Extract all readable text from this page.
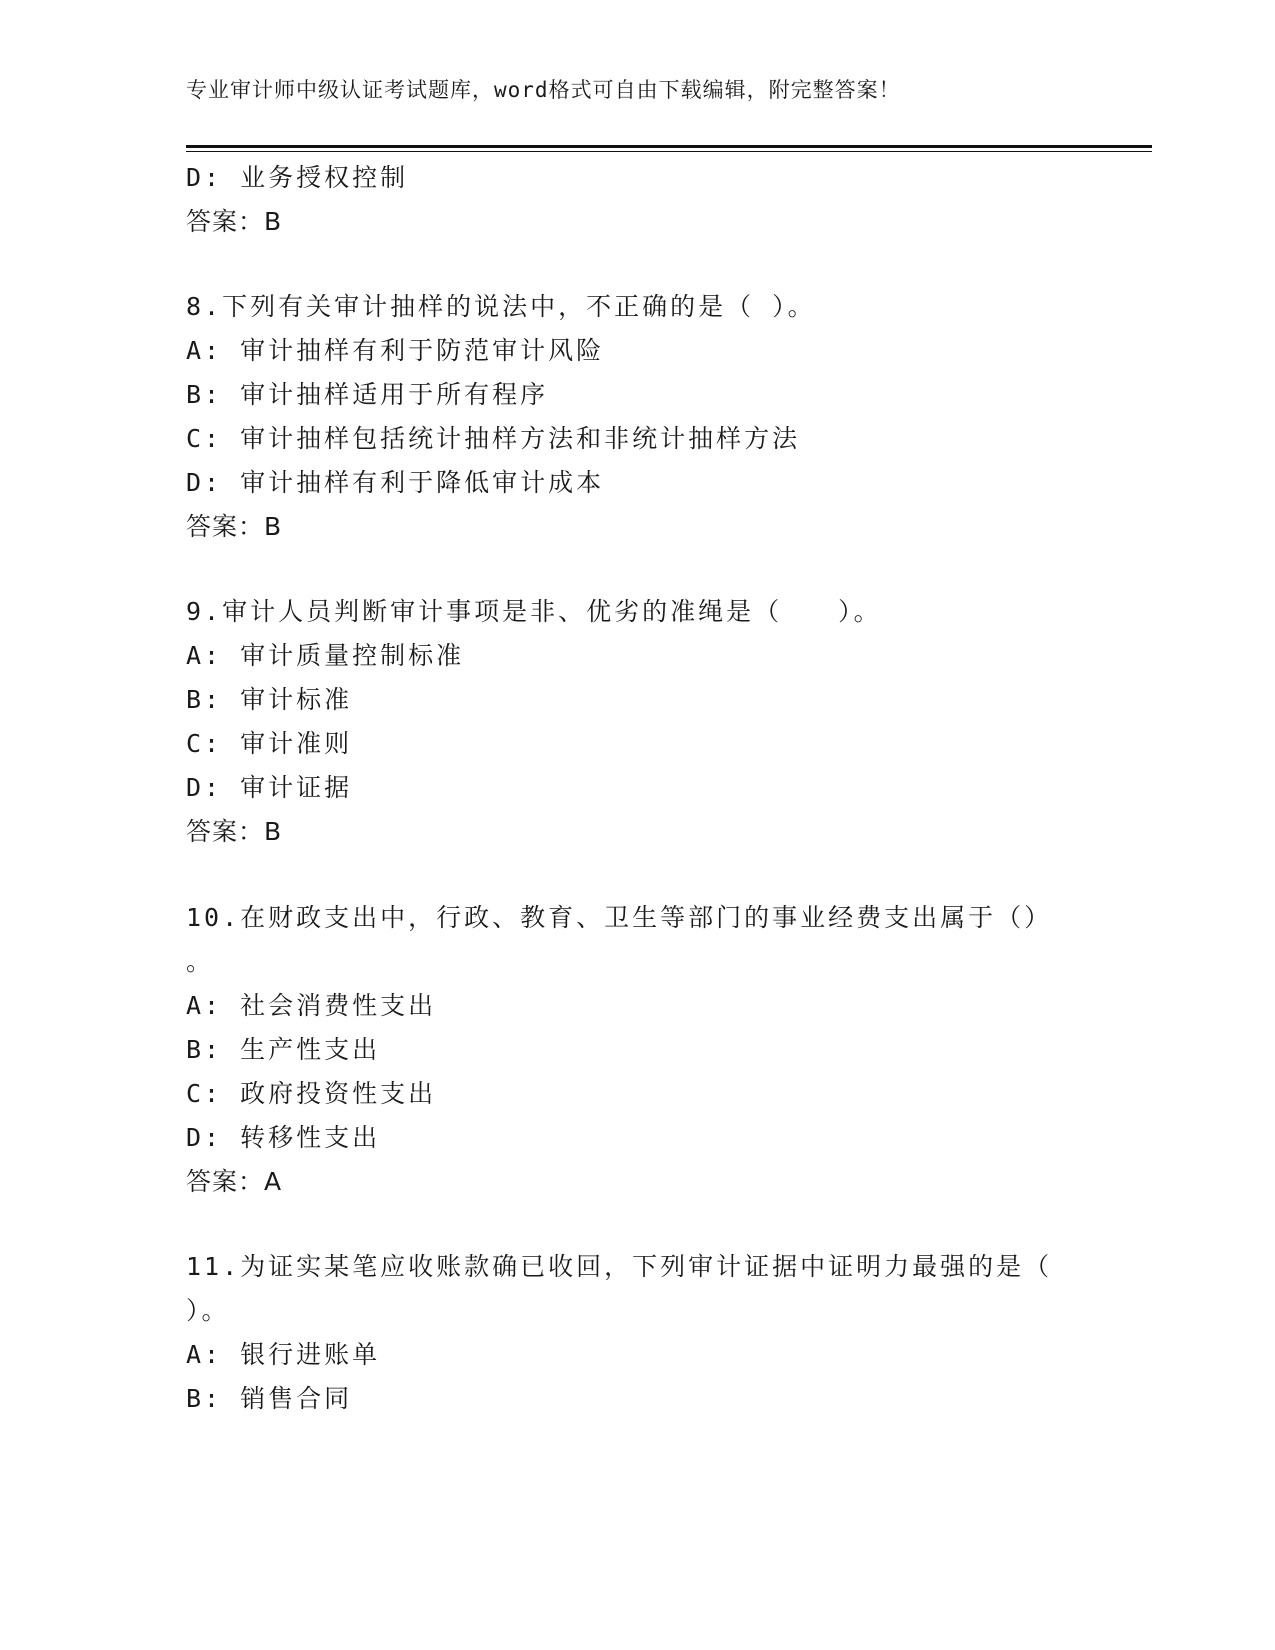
专业审计师中级认证考试题库，word格式可自由下载编辑，附完整答案！
D: 业务授权控制
答案：B
8.下列有关审计抽样的说法中，不正确的是（ ）。
A: 审计抽样有利于防范审计风险
B: 审计抽样适用于所有程序
C: 审计抽样包括统计抽样方法和非统计抽样方法
D: 审计抽样有利于降低审计成本
答案：B
9.审计人员判断审计事项是非、优劣的准绳是（　　）。
A: 审计质量控制标准
B: 审计标准
C: 审计准则
D: 审计证据
答案：B
10.在财政支出中，行政、教育、卫生等部门的事业经费支出属于（）
。
A: 社会消费性支出
B: 生产性支出
C: 政府投资性支出
D: 转移性支出
答案：A
11.为证实某笔应收账款确已收回，下列审计证据中证明力最强的是（
）。
A: 银行进账单
B: 销售合同
